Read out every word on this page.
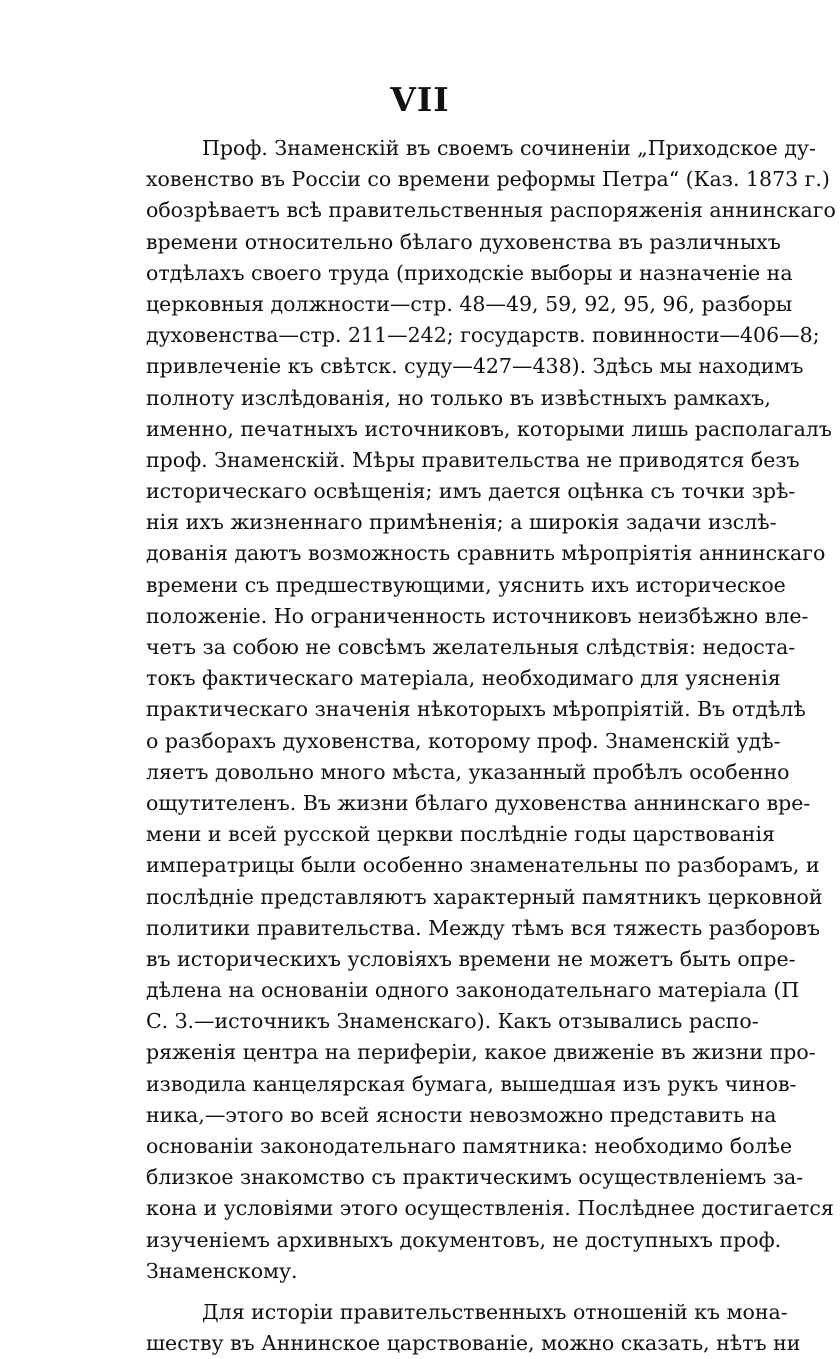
VII
Проф. Знаменскій въ своемъ сочиненіи „Приходское ду-
ховенство въ Россіи со времени реформы Петра“ (Каз. 1873 г.)
обозрѣваетъ всѣ правительственныя распоряженія аннинскаго
времени относительно бѣлаго духовенства въ различныхъ
отдѣлахъ своего труда (приходскіе выборы и назначеніе на
церковныя должности—стр. 48—49, 59, 92, 95, 96, разборы
духовенства—стр. 211—242; государств. повинности—406—8;
привлеченіе къ свѣтск. суду—427—438). Здѣсь мы находимъ
полноту изслѣдованія, но только въ извѣстныхъ рамкахъ,
именно, печатныхъ источниковъ, которыми лишь располагалъ
проф. Знаменскій. Мѣры правительства не приводятся безъ
историческаго освѣщенія; имъ дается оцѣнка съ точки зрѣ-
нія ихъ жизненнаго примѣненія; а широкія задачи изслѣ-
дованія даютъ возможность сравнить мѣропріятія аннинскаго
времени съ предшествующими, уяснить ихъ историческое
положеніе. Но ограниченность источниковъ неизбѣжно вле-
четъ за собою не совсѣмъ желательныя слѣдствія: недоста-
токъ фактическаго матеріала, необходимаго для уясненія
практическаго значенія нѣкоторыхъ мѣропріятій. Въ отдѣлѣ
о разборахъ духовенства, которому проф. Знаменскій удѣ-
ляетъ довольно много мѣста, указанный пробѣлъ особенно
ощутителенъ. Въ жизни бѣлаго духовенства аннинскаго вре-
мени и всей русской церкви послѣдніе годы царствованія
императрицы были особенно знаменательны по разборамъ, и
послѣдніе представляютъ характерный памятникъ церковной
политики правительства. Между тѣмъ вся тяжесть разборовъ
въ историческихъ условіяхъ времени не можетъ быть опре-
дѣлена на основаніи одного законодательнаго матеріала (П
С. З.—источникъ Знаменскаго). Какъ отзывались распо-
ряженія центра на периферіи, какое движеніе въ жизни про-
изводила канцелярская бумага, вышедшая изъ рукъ чинов-
ника,—этого во всей ясности невозможно представить на
основаніи законодательнаго памятника: необходимо болѣе
близкое знакомство съ практическимъ осуществленіемъ за-
кона и условіями этого осуществленія. Послѣднее достигается
изученіемъ архивныхъ документовъ, не доступныхъ проф.
Знаменскому.
Для исторіи правительственныхъ отношеній къ мона-
шеству въ Аннинское царствованіе, можно сказать, нѣтъ ни
